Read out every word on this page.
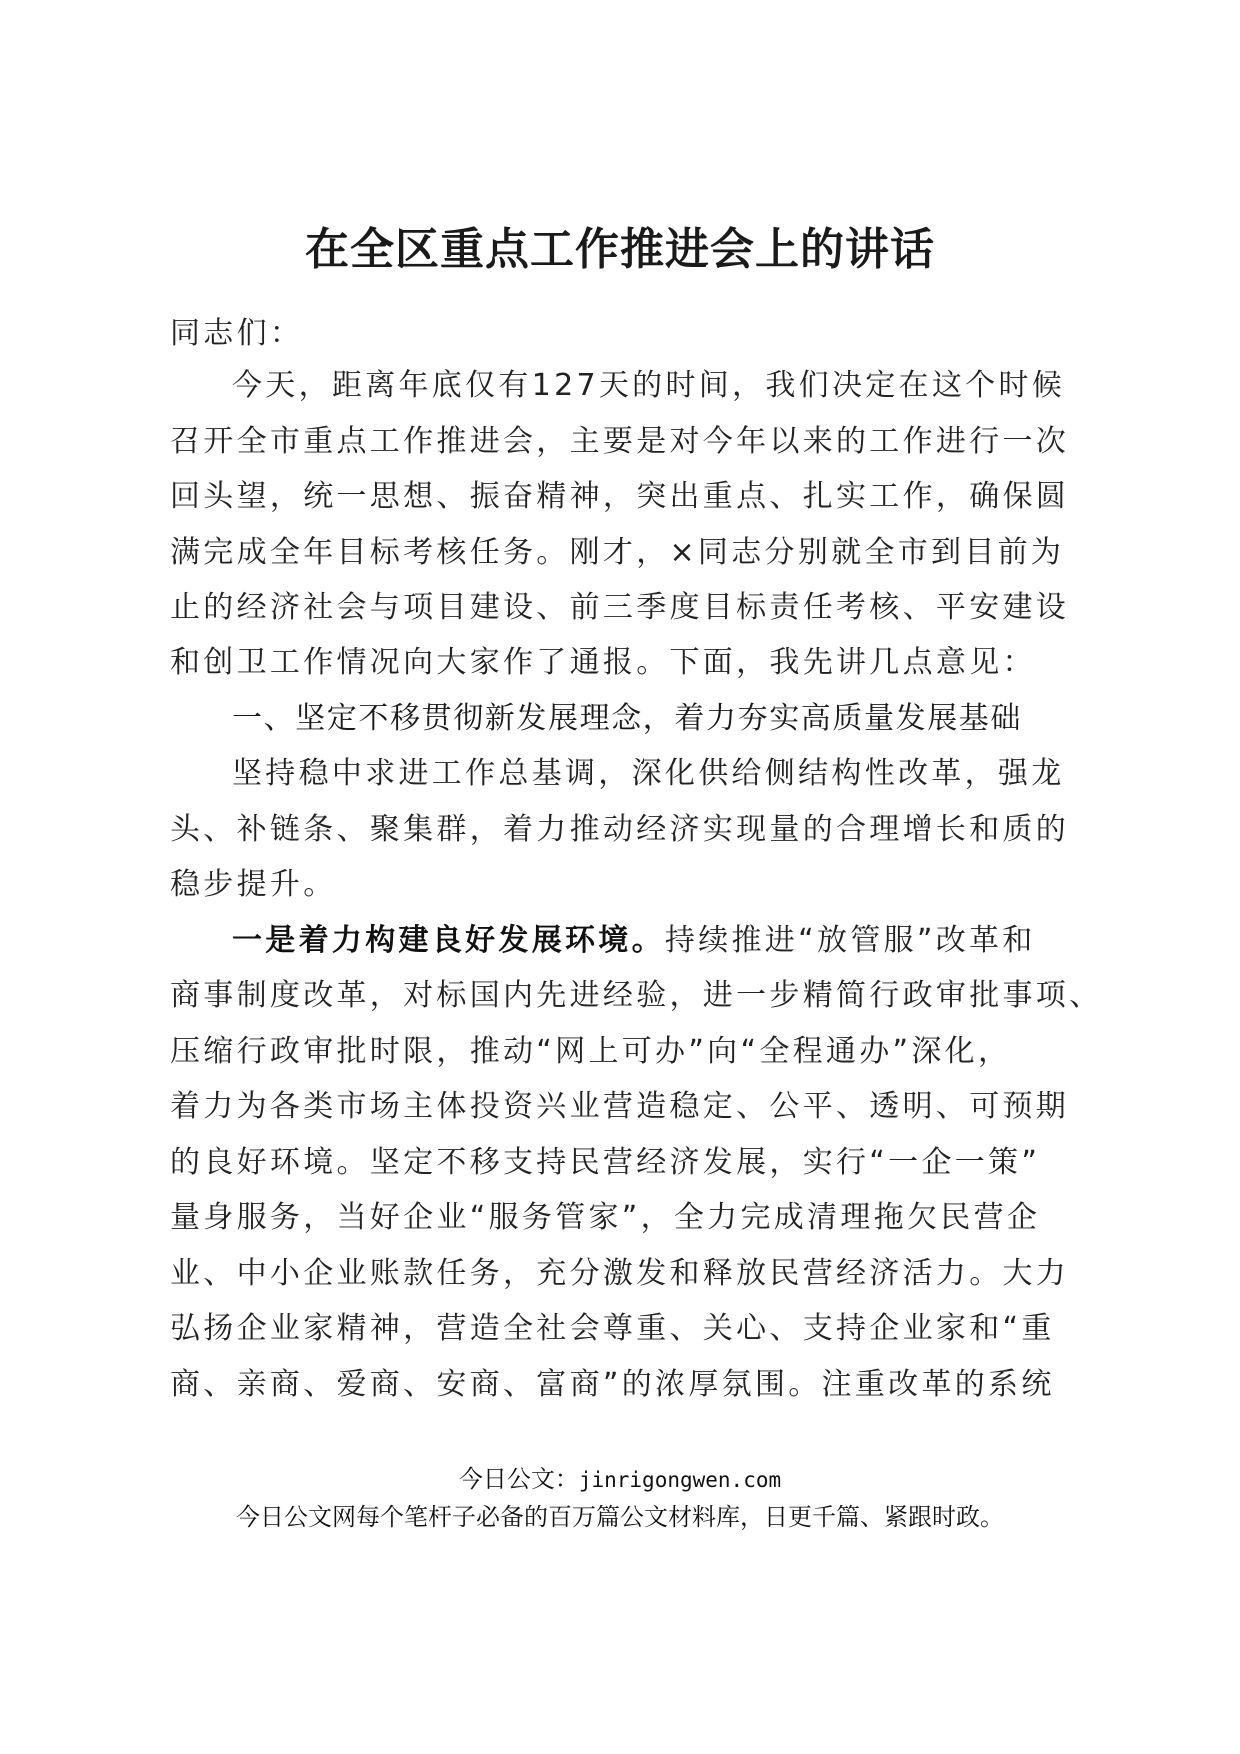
在全区重点工作推进会上的讲话
同志们：
今天，距离年底仅有127天的时间，我们决定在这个时候
召开全市重点工作推进会，主要是对今年以来的工作进行一次
回头望，统一思想、振奋精神，突出重点、扎实工作，确保圆
满完成全年目标考核任务。刚才，×同志分别就全市到目前为
止的经济社会与项目建设、前三季度目标责任考核、平安建设
和创卫工作情况向大家作了通报。下面，我先讲几点意见：
一、坚定不移贯彻新发展理念，着力夯实高质量发展基础
坚持稳中求进工作总基调，深化供给侧结构性改革，强龙
头、补链条、聚集群，着力推动经济实现量的合理增长和质的
稳步提升。
一是着力构建良好发展环境。持续推进“放管服”改革和
商事制度改革，对标国内先进经验，进一步精简行政审批事项、
压缩行政审批时限，推动“网上可办”向“全程通办”深化，
着力为各类市场主体投资兴业营造稳定、公平、透明、可预期
的良好环境。坚定不移支持民营经济发展，实行“一企一策”
量身服务，当好企业“服务管家”，全力完成清理拖欠民营企
业、中小企业账款任务，充分激发和释放民营经济活力。大力
弘扬企业家精神，营造全社会尊重、关心、支持企业家和“重
商、亲商、爱商、安商、富商”的浓厚氛围。注重改革的系统
今日公文：jinrigongwen.com
今日公文网每个笔杆子必备的百万篇公文材料库，日更千篇、紧跟时政。
